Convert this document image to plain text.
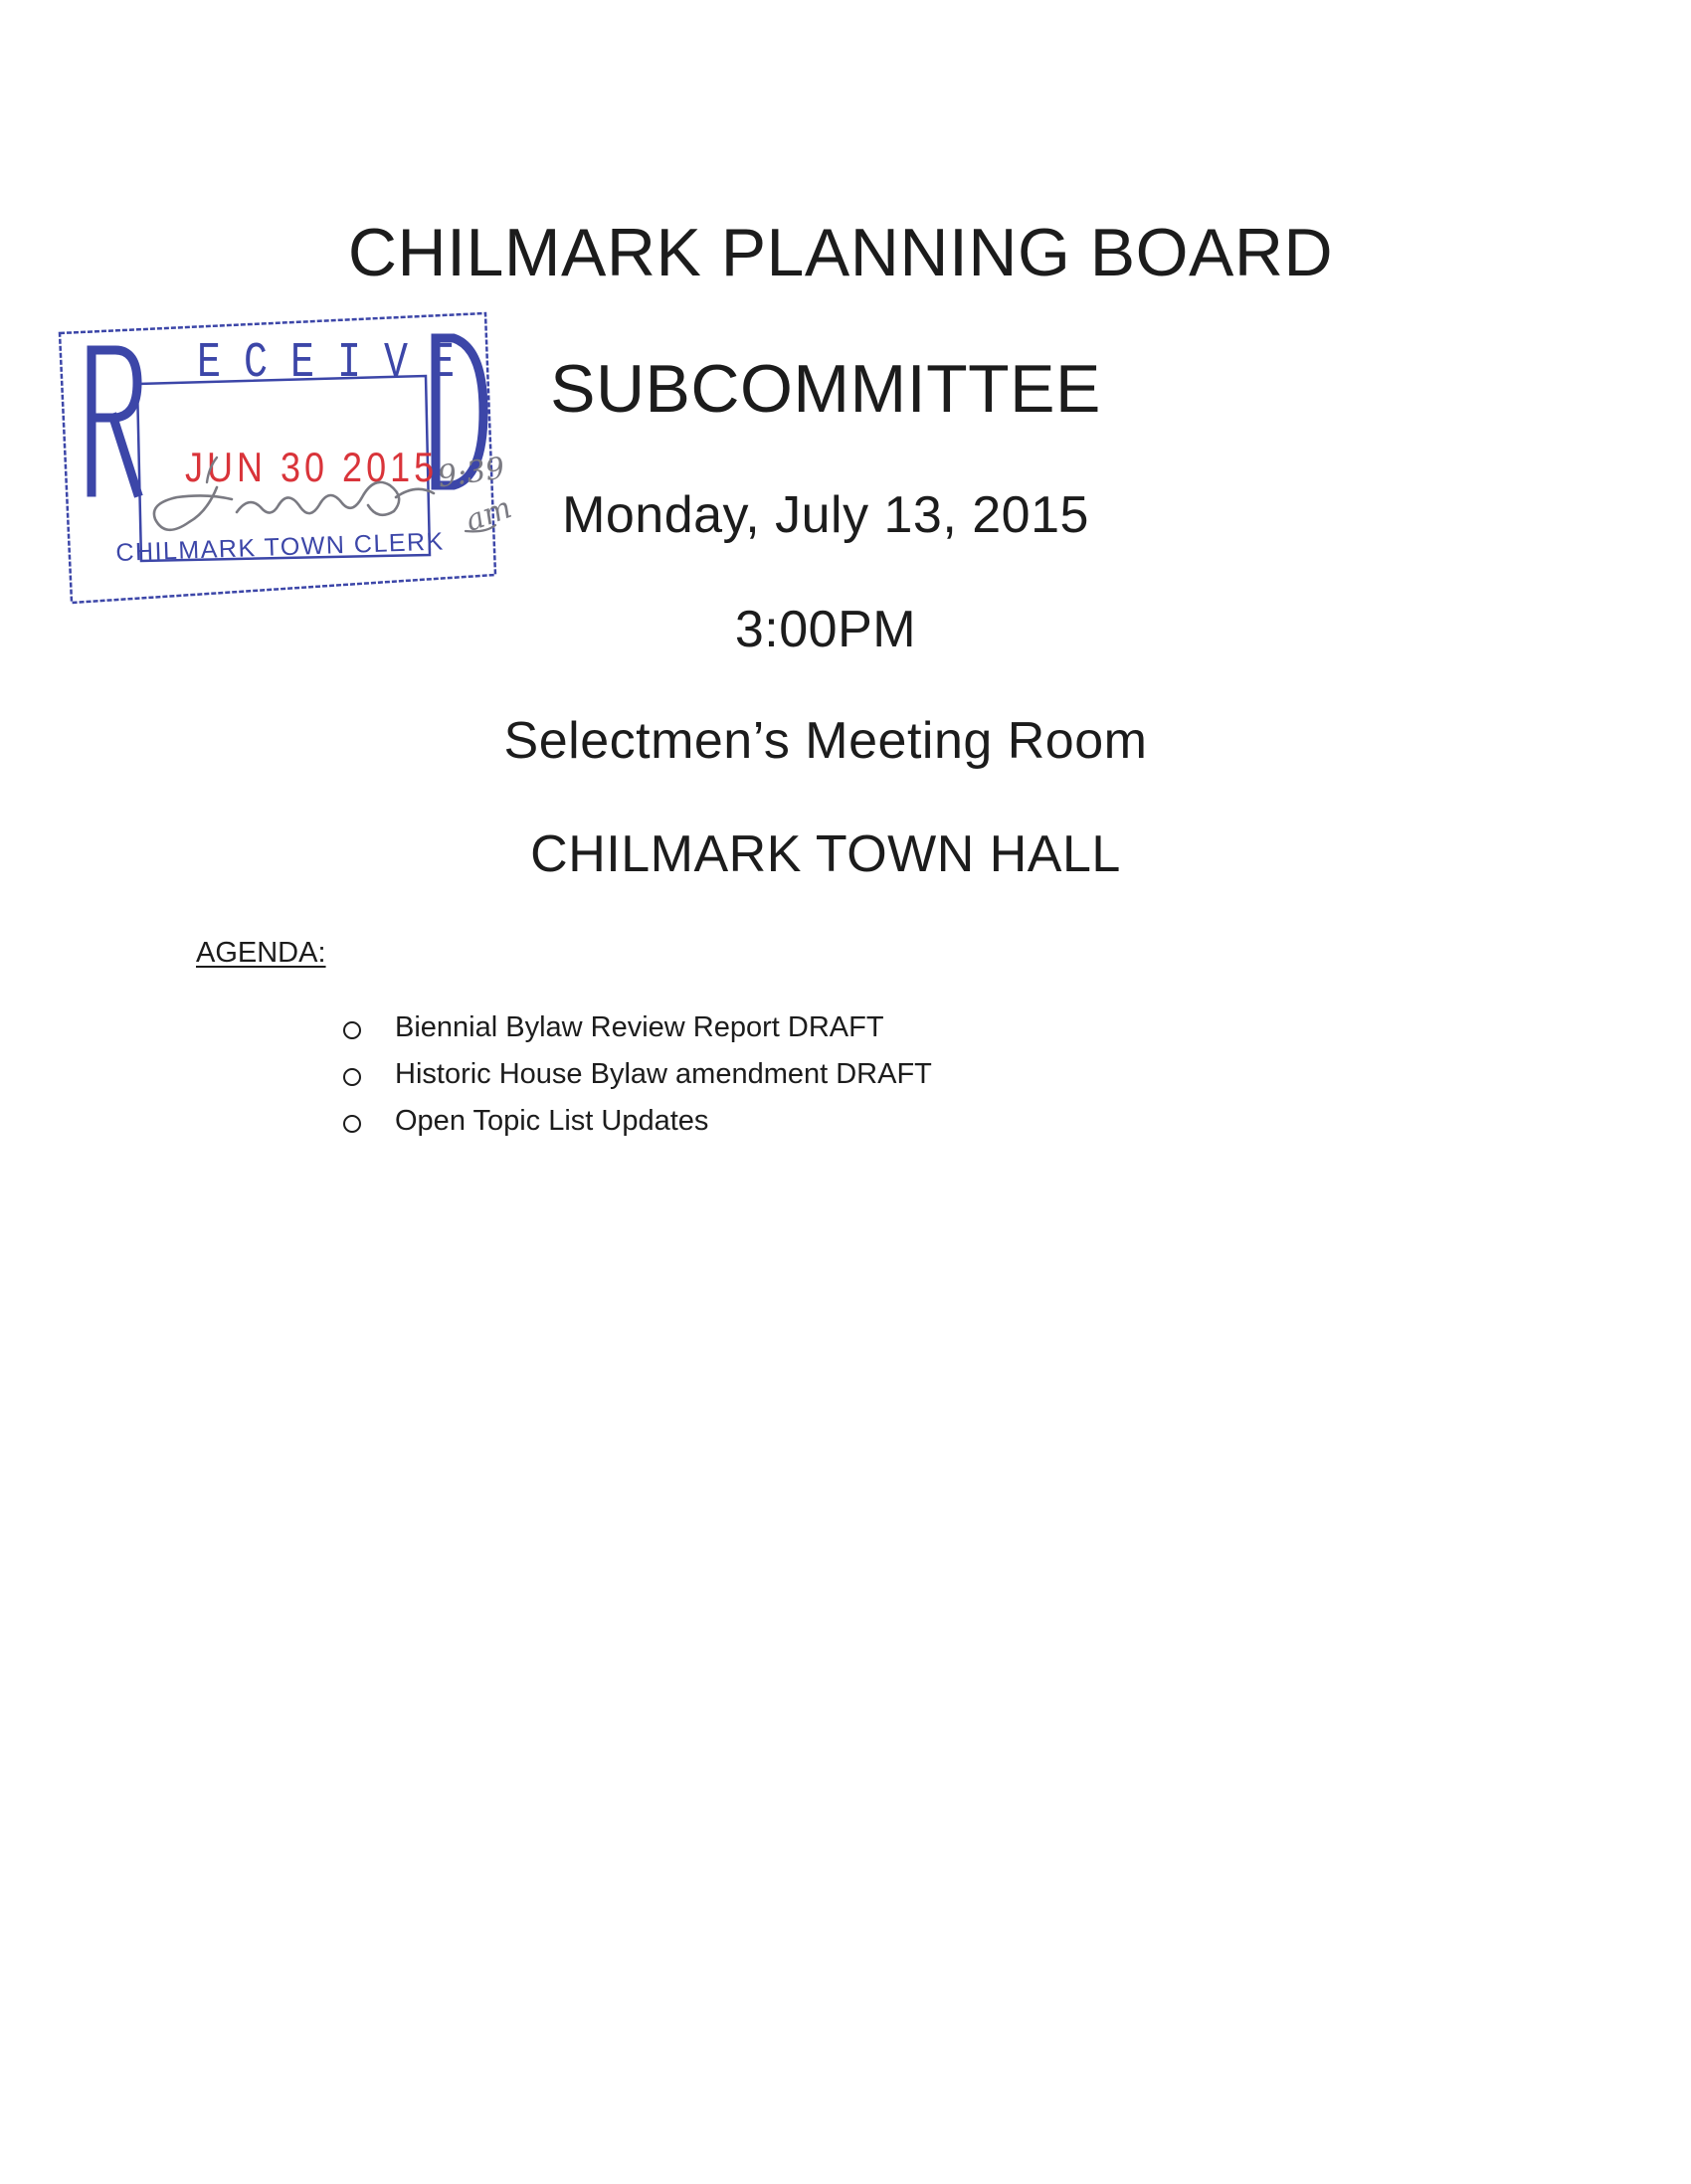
CHILMARK PLANNING BOARD
SUBCOMMITTEE
Monday, July 13, 2015
3:00PM
Selectmen’s Meeting Room
CHILMARK TOWN HALL
AGENDA:
Biennial Bylaw Review Report DRAFT
Historic House Bylaw amendment DRAFT
Open Topic List Updates
ECEIVE
JUN 30 2015
CHILMARK TOWN CLERK
9:39
am
